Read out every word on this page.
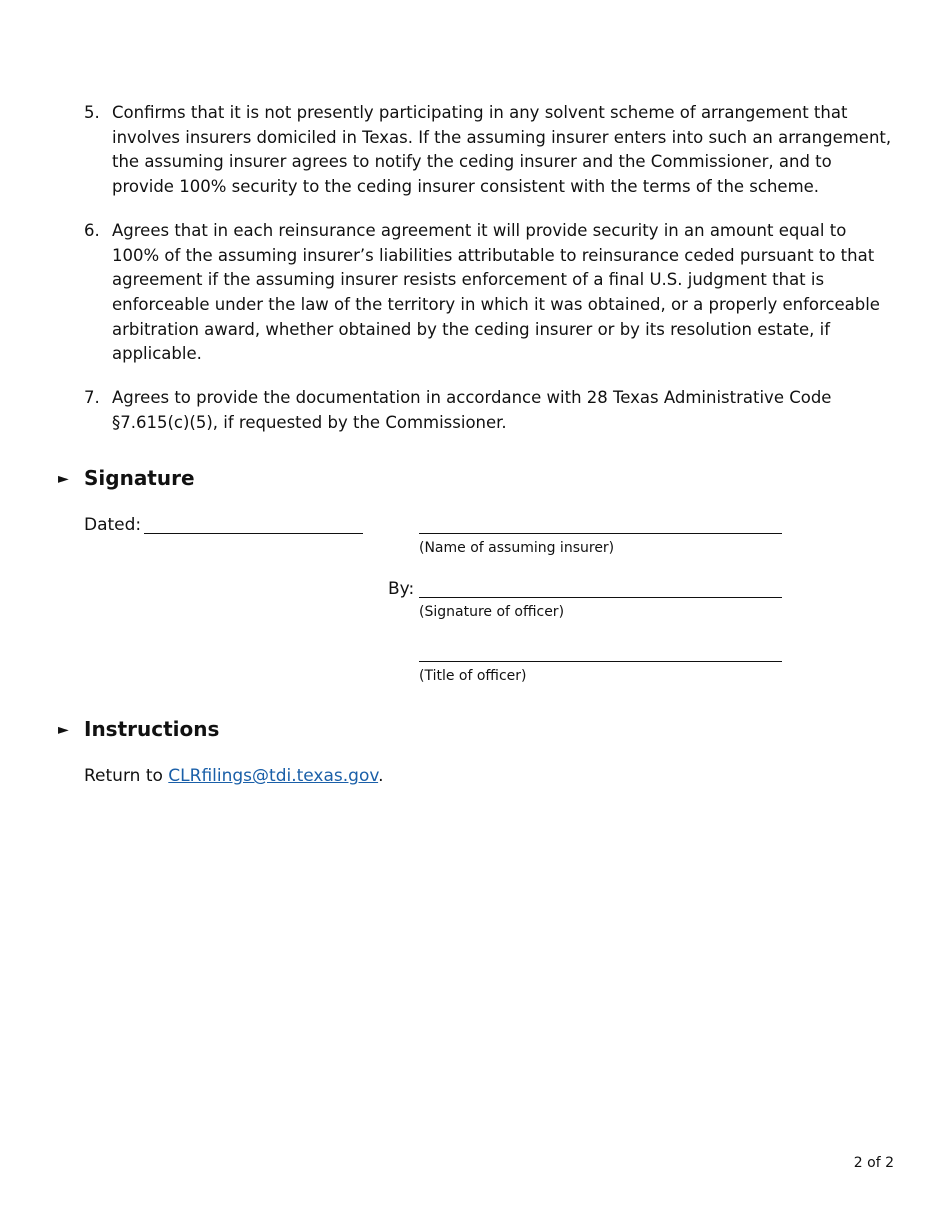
5. Confirms that it is not presently participating in any solvent scheme of arrangement that involves insurers domiciled in Texas. If the assuming insurer enters into such an arrangement, the assuming insurer agrees to notify the ceding insurer and the Commissioner, and to provide 100% security to the ceding insurer consistent with the terms of the scheme.
6. Agrees that in each reinsurance agreement it will provide security in an amount equal to 100% of the assuming insurer’s liabilities attributable to reinsurance ceded pursuant to that agreement if the assuming insurer resists enforcement of a final U.S. judgment that is enforceable under the law of the territory in which it was obtained, or a properly enforceable arbitration award, whether obtained by the ceding insurer or by its resolution estate, if applicable.
7. Agrees to provide the documentation in accordance with 28 Texas Administrative Code §7.615(c)(5), if requested by the Commissioner.
► Signature
Dated:
(Name of assuming insurer)
By:
(Signature of officer)
(Title of officer)
► Instructions
Return to CLRfilings@tdi.texas.gov.
2 of 2
